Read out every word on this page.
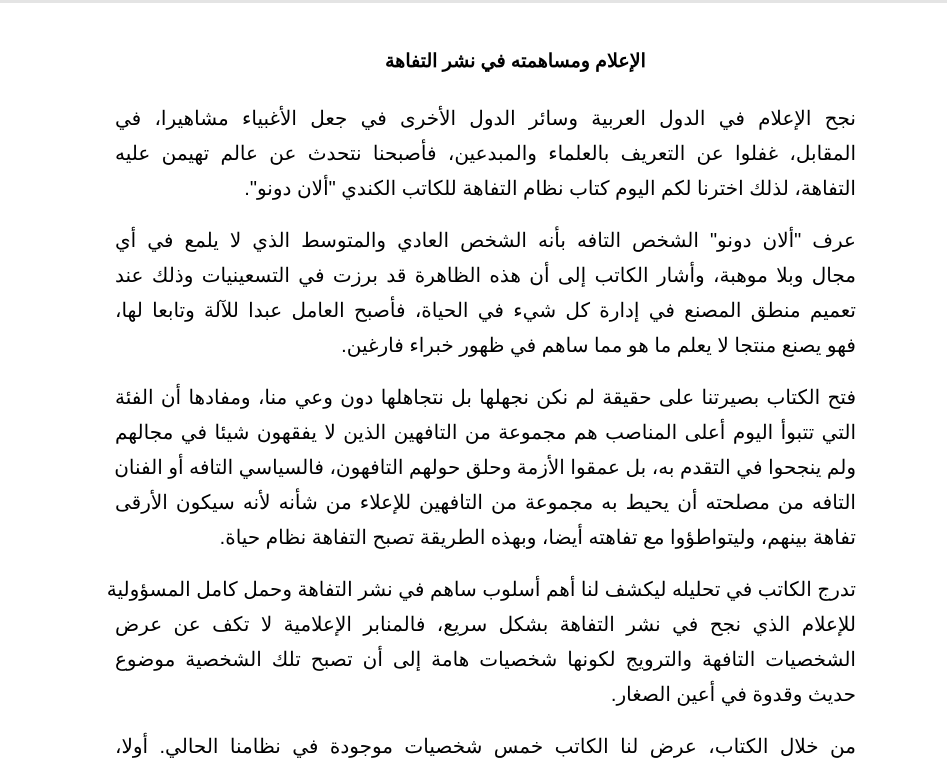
الإعلام ومساهمته في نشر التفاهة
نجح الإعلام في الدول العربية وسائر الدول الأخرى في جعل الأغبياء مشاهيرا، في
المقابل، غفلوا عن التعريف بالعلماء والمبدعين، فأصبحنا نتحدث عن عالم تهيمن عليه
التفاهة، لذلك اخترنا لكم اليوم كتاب نظام التفاهة للكاتب الكندي "ألان دونو".
عرف "ألان دونو" الشخص التافه بأنه الشخص العادي والمتوسط الذي لا يلمع في أي
مجال وبلا موهبة، وأشار الكاتب إلى أن هذه الظاهرة قد برزت في التسعينيات وذلك عند
تعميم منطق المصنع في إدارة كل شيء في الحياة، فأصبح العامل عبدا للآلة وتابعا لها،
فهو يصنع منتجا لا يعلم ما هو مما ساهم في ظهور خبراء فارغين.
فتح الكتاب بصيرتنا على حقيقة لم نكن نجهلها بل نتجاهلها دون وعي منا، ومفادها أن الفئة
التي تتبوأ اليوم أعلى المناصب هم مجموعة من التافهين الذين لا يفقهون شيئا في مجالهم
ولم ينجحوا في التقدم به، بل عمقوا الأزمة وحلق حولهم التافهون، فالسياسي التافه أو الفنان
التافه من مصلحته أن يحيط به مجموعة من التافهين للإعلاء من شأنه لأنه سيكون الأرقى
تفاهة بينهم، وليتواطؤوا مع تفاهته أيضا، وبهذه الطريقة تصبح التفاهة نظام حياة.
تدرج الكاتب في تحليله ليكشف لنا أهم أسلوب ساهم في نشر التفاهة وحمل كامل المسؤولية
للإعلام الذي نجح في نشر التفاهة بشكل سريع، فالمنابر الإعلامية لا تكف عن عرض
الشخصيات التافهة والترويج لكونها شخصيات هامة إلى أن تصبح تلك الشخصية موضوع
حديث وقدوة في أعين الصغار.
من خلال الكتاب، عرض لنا الكاتب خمس شخصيات موجودة في نظامنا الحالي. أولا،
